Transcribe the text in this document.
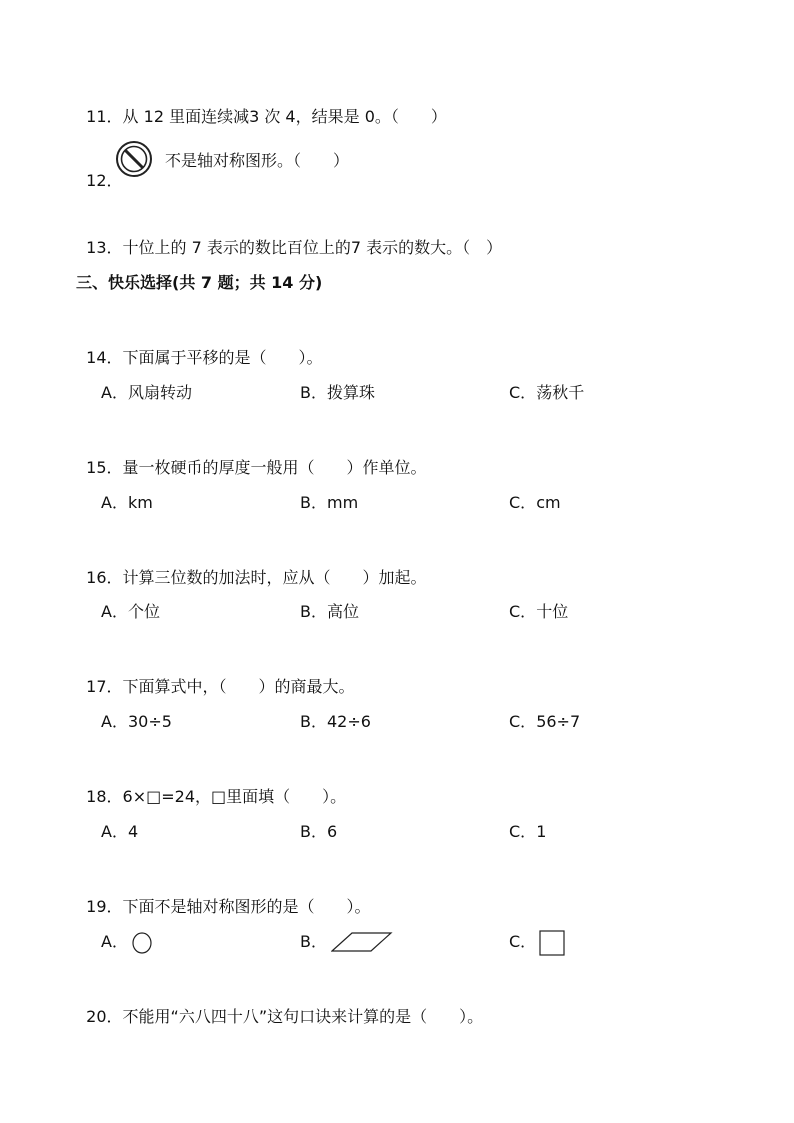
11．从 12 里面连续减3 次 4，结果是 0。（　　）

12．

不是轴对称图形。（　　）

13．十位上的 7 表示的数比百位上的7 表示的数大。（　）

三、快乐选择(共 7 题；共 14 分)

14．下面属于平移的是（　　）。

A．风扇转动	B．拨算珠	C．荡秋千

15．量一枚硬币的厚度一般用（　　）作单位。

A．km	B．mm	C．cm

16．计算三位数的加法时，应从（　　）加起。

A．个位	B．高位	C．十位

17．下面算式中，（　　）的商最大。

A．30÷5	B．42÷6	C．56÷7

18．6×□=24，□里面填（　　）。

A．4	B．6	C．1

19．下面不是轴对称图形的是（　　）。

A．	B．	C．

20．不能用“六八四十八”这句口诀来计算的是（　　）。
